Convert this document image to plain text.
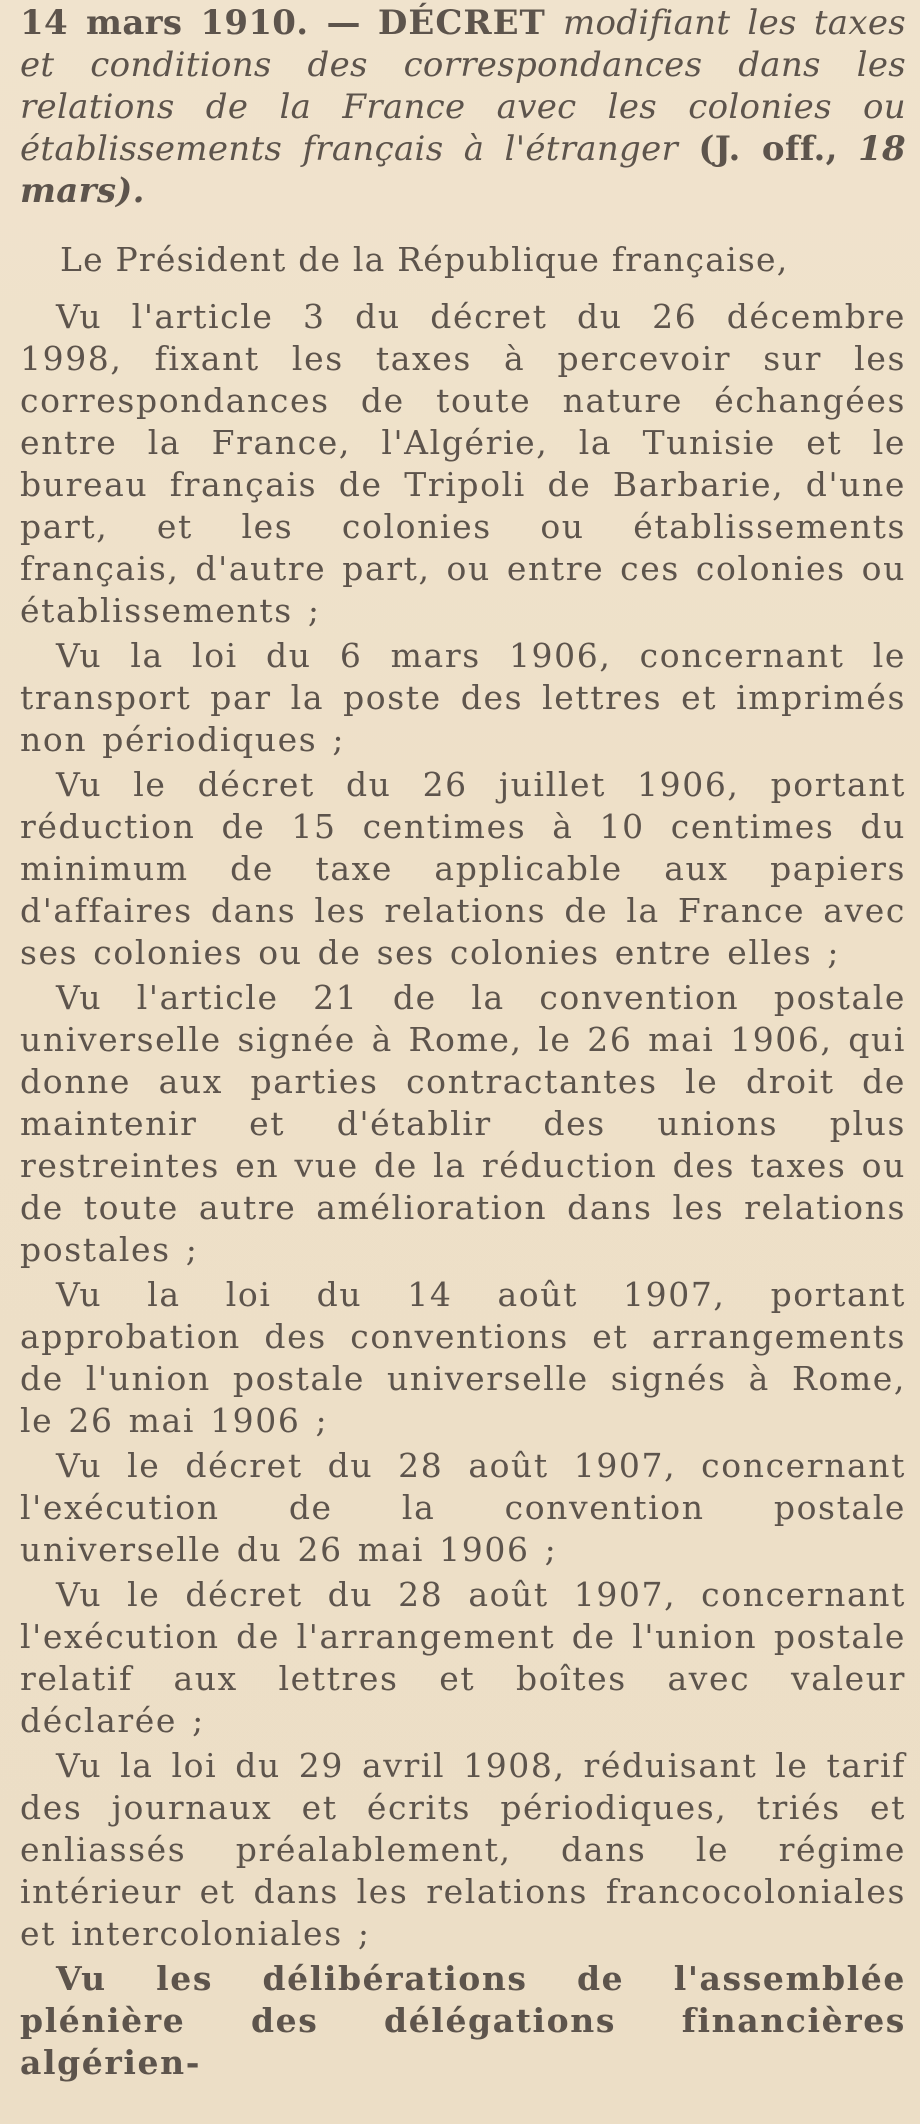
14 mars 1910. — DÉCRET modifiant les taxes et conditions des correspondances dans les relations de la France avec les colonies ou établissements français à l'étranger (J. off., 18 mars).

Le Président de la République française,

Vu l'article 3 du décret du 26 décembre 1998, fixant les taxes à percevoir sur les correspondances de toute nature échangées entre la France, l'Algérie, la Tunisie et le bureau français de Tripoli de Barbarie, d'une part, et les colonies ou établissements français, d'autre part, ou entre ces colonies ou établissements ;

Vu la loi du 6 mars 1906, concernant le transport par la poste des lettres et imprimés non périodiques ;

Vu le décret du 26 juillet 1906, portant réduction de 15 centimes à 10 centimes du minimum de taxe applicable aux papiers d'affaires dans les relations de la France avec ses colonies ou de ses colonies entre elles ;

Vu l'article 21 de la convention postale universelle signée à Rome, le 26 mai 1906, qui donne aux parties contractantes le droit de maintenir et d'établir des unions plus restreintes en vue de la réduction des taxes ou de toute autre amélioration dans les relations postales ;

Vu la loi du 14 août 1907, portant approbation des conventions et arrangements de l'union postale universelle signés à Rome, le 26 mai 1906 ;

Vu le décret du 28 août 1907, concernant l'exécution de la convention postale universelle du 26 mai 1906 ;

Vu le décret du 28 août 1907, concernant l'exécution de l'arrangement de l'union postale relatif aux lettres et boîtes avec valeur déclarée ;

Vu la loi du 29 avril 1908, réduisant le tarif des journaux et écrits périodiques, triés et enliassés préalablement, dans le régime intérieur et dans les relations francocoloniales et intercoloniales ;

Vu les délibérations de l'assemblée plénière des délégations financières algérien-
